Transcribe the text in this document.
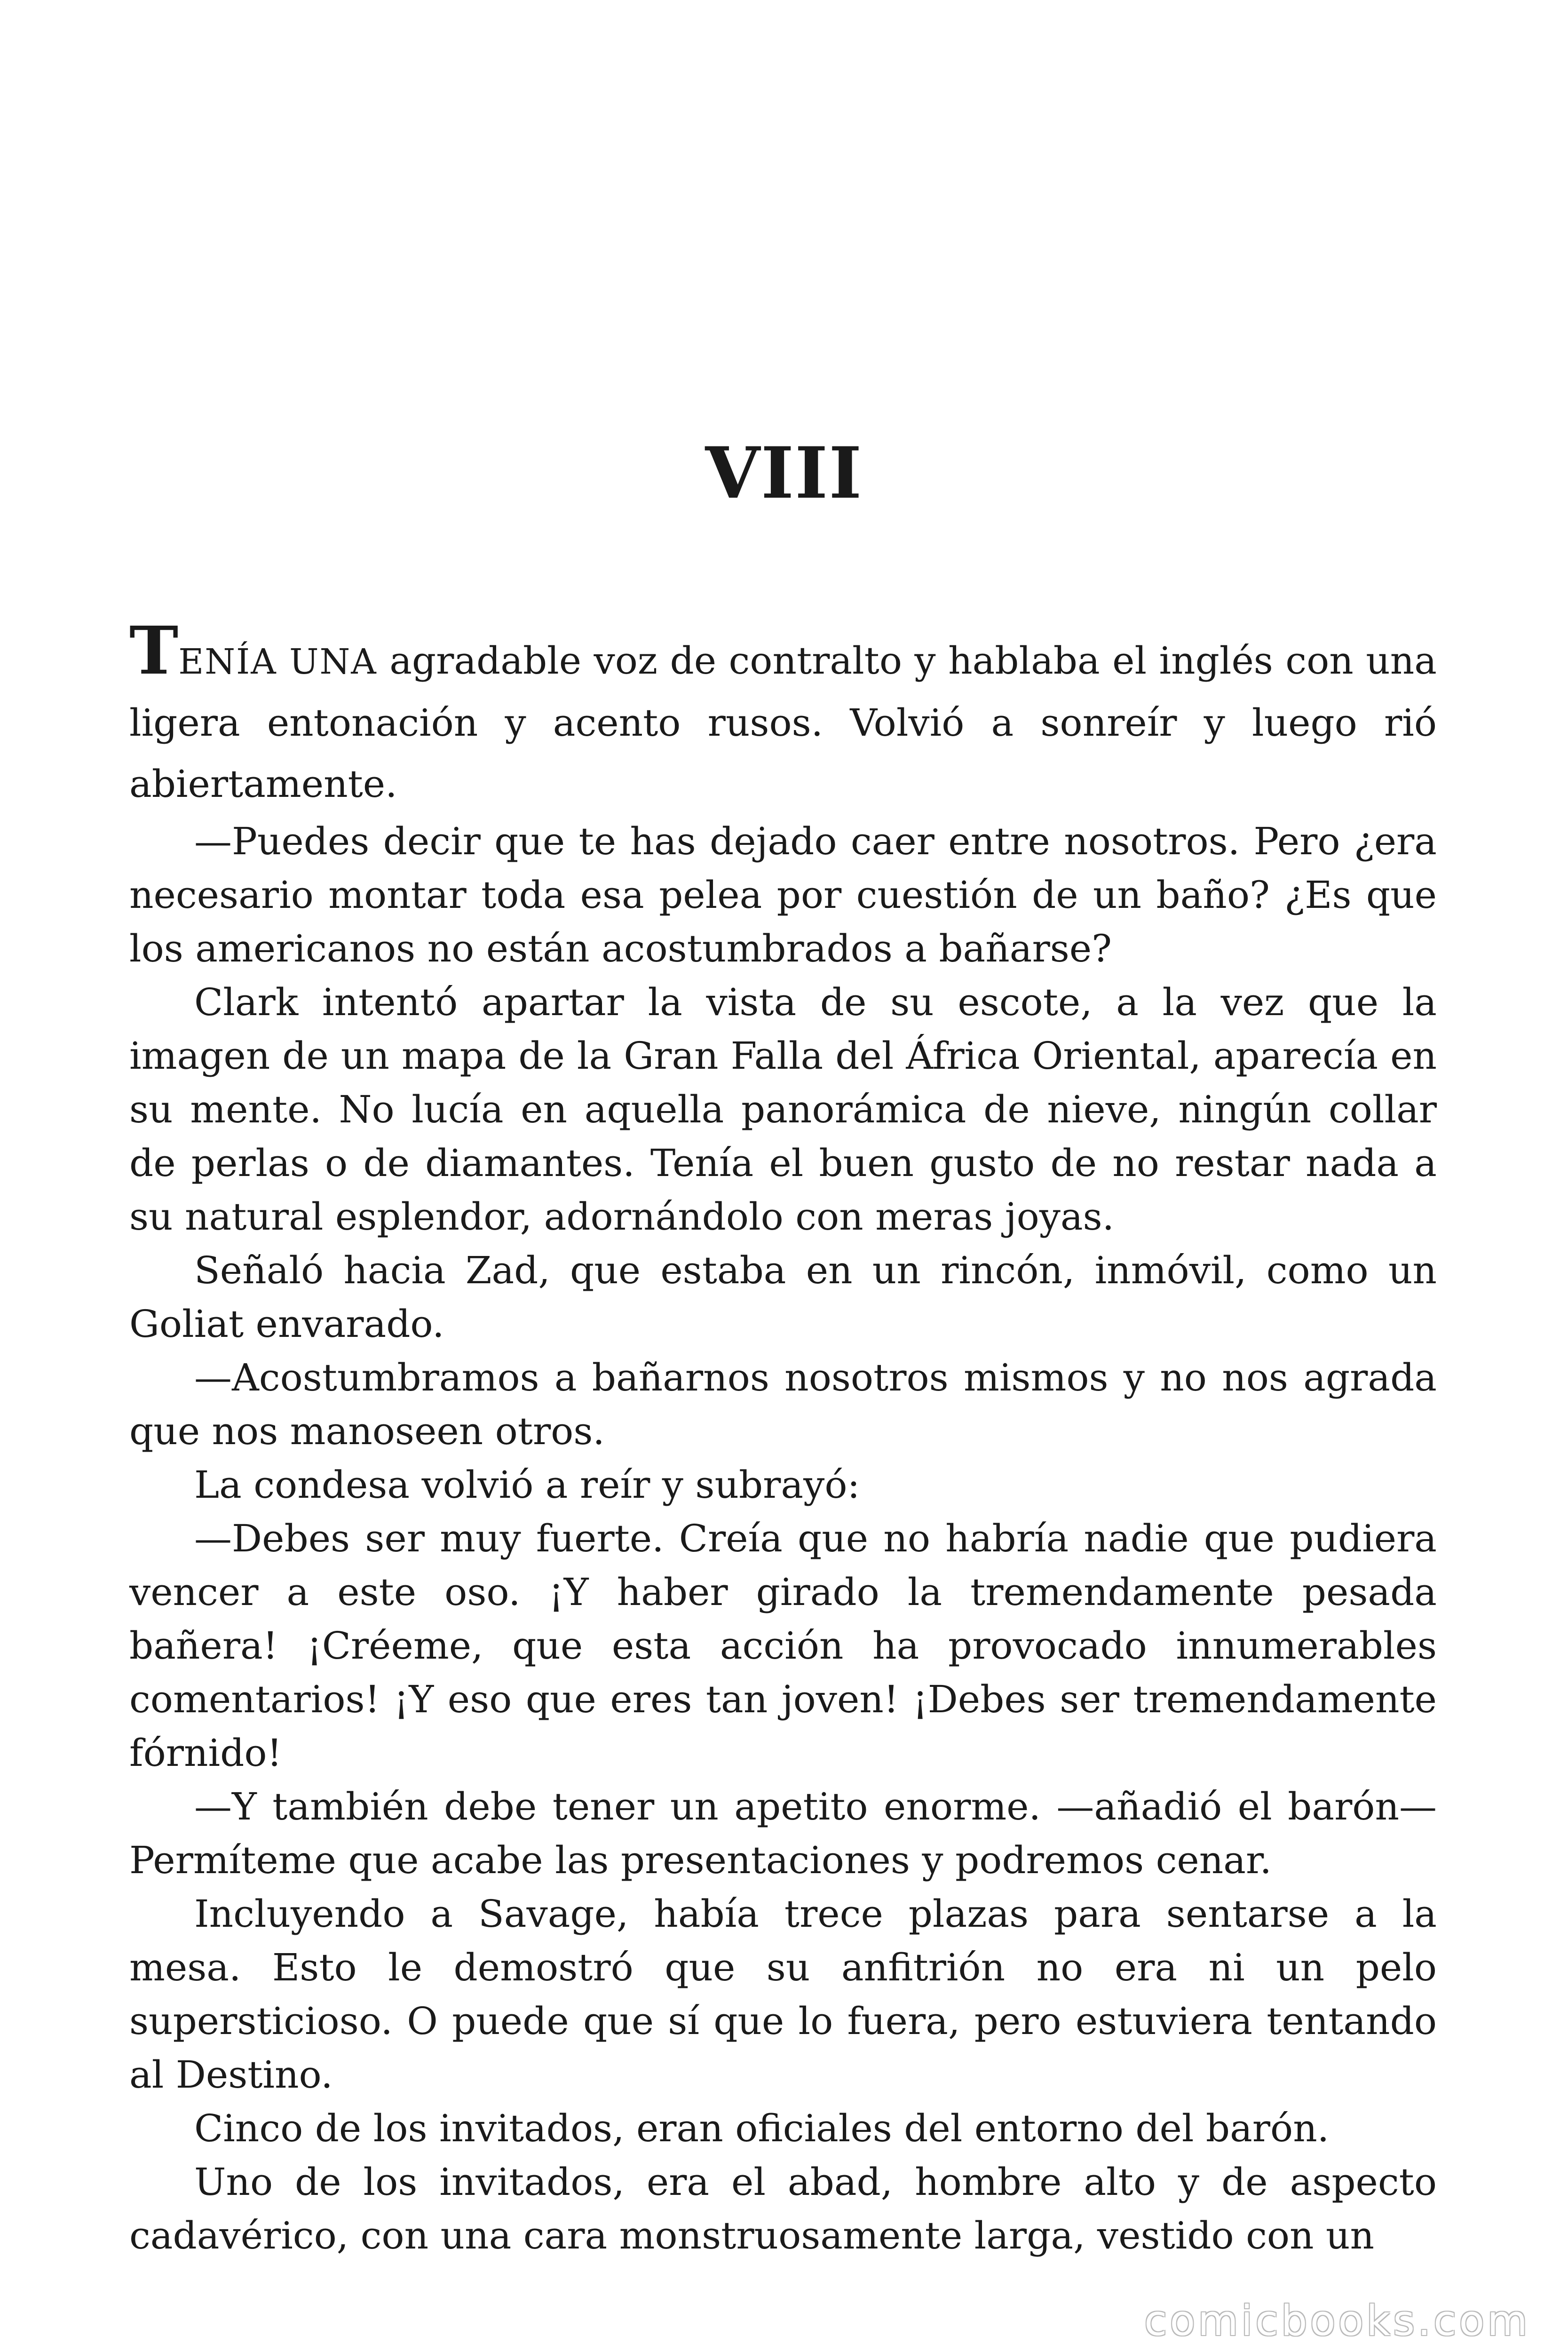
VIII

TENÍA UNA agradable voz de contralto y hablaba el inglés con una ligera entonación y acento rusos. Volvió a sonreír y luego rió abiertamente.

—Puedes decir que te has dejado caer entre nosotros. Pero ¿era necesario montar toda esa pelea por cuestión de un baño? ¿Es que los americanos no están acostumbrados a bañarse?

Clark intentó apartar la vista de su escote, a la vez que la imagen de un mapa de la Gran Falla del África Oriental, aparecía en su mente. No lucía en aquella panorámica de nieve, ningún collar de perlas o de diamantes. Tenía el buen gusto de no restar nada a su natural esplendor, adornándolo con meras joyas.

Señaló hacia Zad, que estaba en un rincón, inmóvil, como un Goliat envarado.

—Acostumbramos a bañarnos nosotros mismos y no nos agrada que nos manoseen otros.

La condesa volvió a reír y subrayó:

—Debes ser muy fuerte. Creía que no habría nadie que pudiera vencer a este oso. ¡Y haber girado la tremendamente pesada bañera! ¡Créeme, que esta acción ha provocado innumerables comentarios! ¡Y eso que eres tan joven! ¡Debes ser tremendamente fórnido!

—Y también debe tener un apetito enorme. —añadió el barón— Permíteme que acabe las presentaciones y podremos cenar.

Incluyendo a Savage, había trece plazas para sentarse a la mesa. Esto le demostró que su anfitrión no era ni un pelo supersticioso. O puede que sí que lo fuera, pero estuviera tentando al Destino.

Cinco de los invitados, eran oficiales del entorno del barón.

Uno de los invitados, era el abad, hombre alto y de aspecto cadavérico, con una cara monstruosamente larga, vestido con un

comicbooks.com
